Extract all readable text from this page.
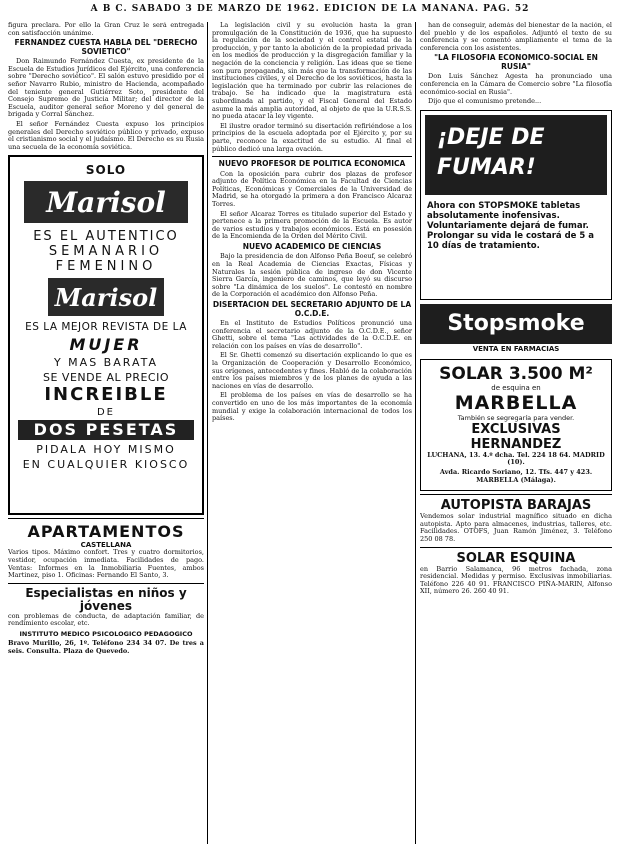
A B C. SABADO 3 DE MARZO DE 1962. EDICION DE LA MAÑANA. PAG. 52

figura preclara. Por ello la Gran Cruz le será entregada con satisfacción unánime.

FERNANDEZ CUESTA HABLA DEL "DERECHO SOVIETICO"

Don Raimundo Fernández Cuesta, ex presidente de la Escuela de Estudios Jurídicos del Ejército, una conferencia sobre "Derecho soviético". El salón estuvo presidido por el señor Navarro Rubio, ministro de Hacienda, acompañado del teniente general Gutiérrez Soto, presidente del Consejo Supremo de Justicia Militar; del director de la Escuela, auditor general señor Moreno y del general de brigada y Corral Sánchez.

El señor Fernández Cuesta expuso los principios generales del Derecho soviético público y privado, expuso el cristianismo social y el judaísmo. El Derecho es su Rusia una secuela de la economía soviética.

SOLO
Marisol
ES EL AUTENTICO
SEMANARIO
FEMENINO
Marisol
ES LA MEJOR REVISTA DE LA
MUJER
Y MAS BARATA
SE VENDE AL PRECIO
INCREIBLE
DE
DOS PESETAS
PIDALA HOY MISMO
EN CUALQUIER KIOSCO
APARTAMENTOS
CASTELLANA

Varios tipos. Máximo confort. Tres y cuatro dormitorios, vestidor, ocupación inmediata. Facilidades de pago. Ventas: Informes en la Inmobiliaria Fuentes, ambos Martinez, piso 1. Oficinas: Fernando El Santo, 3.

Especialistas en niños y jóvenes

con problemas de conducta, de adaptación familiar, de rendimiento escolar, etc.

INSTITUTO MEDICO PSICOLOGICO PEDAGOGICO

Bravo Murillo, 26, 1º. Teléfono 234 34 07. De tres a seis. Consulta. Plaza de Quevedo.

La legislación civil y su evolución hasta la gran promulgación de la Constitución de 1936, que ha supuesto la regulación de la sociedad y el control estatal de la producción, y por tanto la abolición de la propiedad privada en los medios de producción y la disgregación familiar y la negación de la conciencia y religión. Las ideas que se tiene son pura propaganda, sin más que la transformación de las instituciones civiles, y el Derecho de los soviéticos, hasta la legislación que ha terminado por cubrir las relaciones de trabajo. Se ha indicado que la magistratura está subordinada al partido, y el Fiscal General del Estado asume la más amplia autoridad, al objeto de que la U.R.S.S. no pueda atacar la ley vigente.

El ilustre orador terminó su disertación refiriéndose a los principios de la escuela adoptada por el Ejército y, por su parte, reconoce la exactitud de su estudio. Al final el público dedicó una larga ovación.

NUEVO PROFESOR DE POLITICA ECONOMICA

Con la oposición para cubrir dos plazas de profesor adjunto de Política Económica en la Facultad de Ciencias Políticas, Económicas y Comerciales de la Universidad de Madrid, se ha otorgado la primera a don Francisco Alcaraz Torres.

El señor Alcaraz Torres es titulado superior del Estado y pertenece a la primera promoción de la Escuela. Es autor de varios estudios y trabajos económicos. Está en posesión de la Encomienda de la Orden del Mérito Civil.

NUEVO ACADEMICO DE CIENCIAS

Bajo la presidencia de don Alfonso Peña Boeuf, se celebró en la Real Academia de Ciencias Exactas, Físicas y Naturales la sesión pública de ingreso de don Vicente Sierra García, ingeniero de caminos, que leyó su discurso sobre "La dinámica de los suelos". Le contestó en nombre de la Corporación el académico don Alfonso Peña.

DISERTACION DEL SECRETARIO ADJUNTO DE LA O.C.D.E.

En el Instituto de Estudios Políticos pronunció una conferencia el secretario adjunto de la O.C.D.E., señor Ghetti, sobre el tema "Las actividades de la O.C.D.E. en relación con los países en vías de desarrollo".

El Sr. Ghetti comenzó su disertación explicando lo que es la Organización de Cooperación y Desarrollo Económico, sus orígenes, antecedentes y fines. Habló de la colaboración entre los países miembros y de los planes de ayuda a las naciones en vías de desarrollo.

El problema de los países en vías de desarrollo se ha convertido en uno de los más importantes de la economía mundial y exige la colaboración internacional de todos los países.

han de conseguir, además del bienestar de la nación, el del pueblo y de los españoles. Adjuntó el texto de su conferencia y se comentó ampliamente el tema de la conferencia con los asistentes.

"LA FILOSOFIA ECONOMICO-SOCIAL EN RUSIA"

Don Luis Sánchez Agesta ha pronunciado una conferencia en la Cámara de Comercio sobre "La filosofía económico-social en Rusia".

Dijo que el comunismo pretende...

¡DEJE DE
FUMAR!
Ahora con STOPSMOKE tabletas absolutamente inofensivas. Voluntariamente dejará de fumar. Prolongar su vida le costará de 5 a 10 días de tratamiento.
Stopsmoke
VENTA EN FARMACIAS
SOLAR 3.500 M²
de esquina en
MARBELLA
También se segregaría para vender.
EXCLUSIVAS HERNANDEZ

LUCHANA, 13. 4.º dcha. Tel. 224 18 64. MADRID (10).

Avda. Ricardo Soriano, 12. Tfs. 447 y 423. MARBELLA (Málaga).

AUTOPISTA BARAJAS

Vendemos solar industrial magnífico situado en dicha autopista. Apto para almacenes, industrias, talleres, etc. Facilidades. OTOFS, Juan Ramón Jiménez, 3. Teléfono 250 08 78.

SOLAR ESQUINA

en Barrio Salamanca, 96 metros fachada, zona residencial. Medidas y permiso. Exclusivas inmobiliarias. Teléfono 226 40 91. FRANCISCO PIÑA-MARIN, Alfonso XII, número 26. 260 40 91.
